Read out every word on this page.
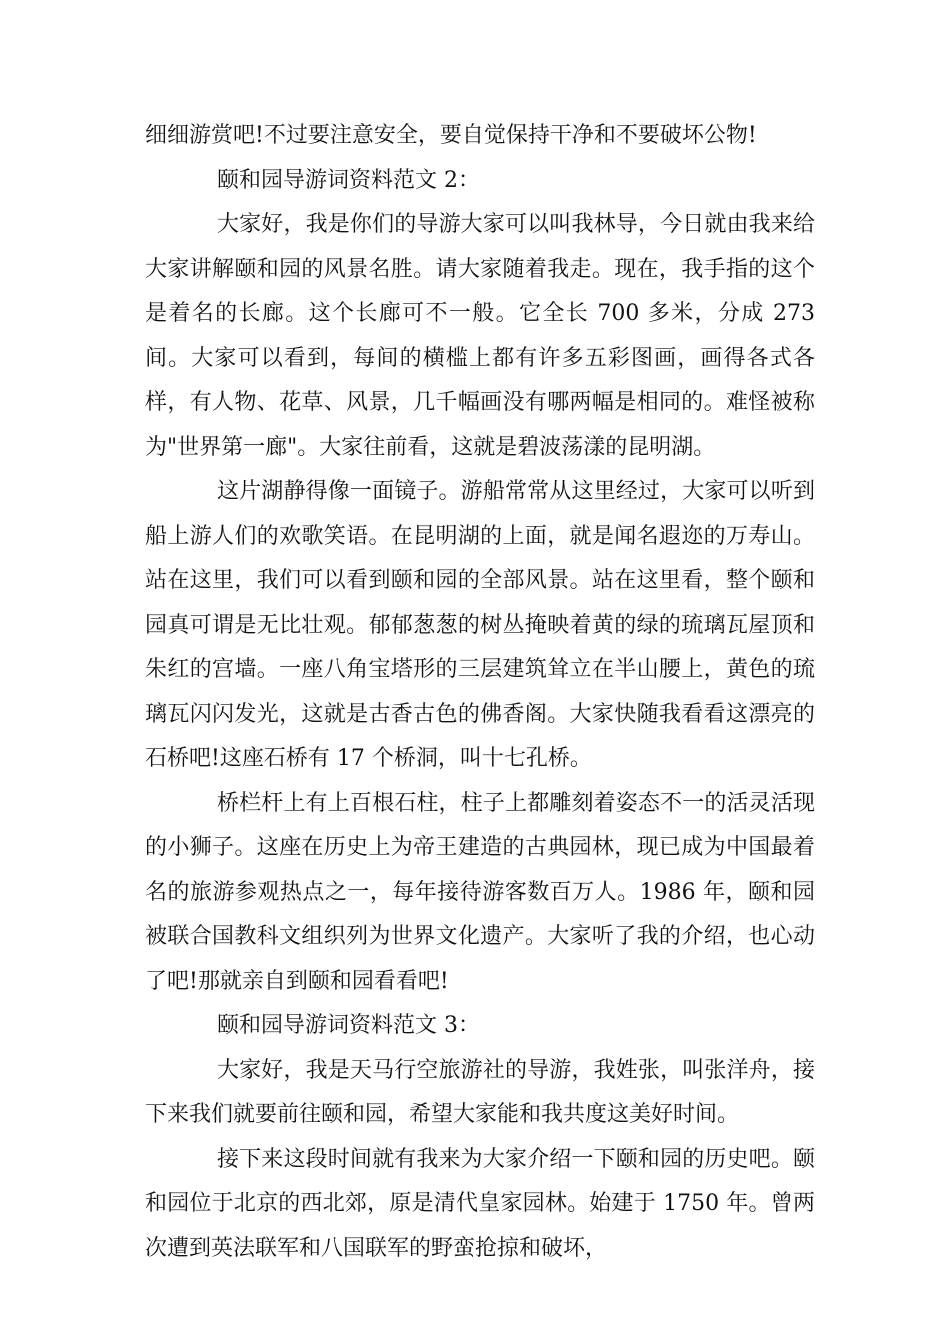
细细游赏吧!不过要注意安全，要自觉保持干净和不要破坏公物!

颐和园导游词资料范文 2：

大家好，我是你们的导游大家可以叫我林导，今日就由我来给大家讲解颐和园的风景名胜。请大家随着我走。现在，我手指的这个是着名的长廊。这个长廊可不一般。它全长 700 多米，分成 273 间。大家可以看到，每间的横槛上都有许多五彩图画，画得各式各样，有人物、花草、风景，几千幅画没有哪两幅是相同的。难怪被称为"世界第一廊"。大家往前看，这就是碧波荡漾的昆明湖。

这片湖静得像一面镜子。游船常常从这里经过，大家可以听到船上游人们的欢歌笑语。在昆明湖的上面，就是闻名遐迩的万寿山。站在这里，我们可以看到颐和园的全部风景。站在这里看，整个颐和园真可谓是无比壮观。郁郁葱葱的树丛掩映着黄的绿的琉璃瓦屋顶和朱红的宫墙。一座八角宝塔形的三层建筑耸立在半山腰上，黄色的琉璃瓦闪闪发光，这就是古香古色的佛香阁。大家快随我看看这漂亮的石桥吧!这座石桥有 17 个桥洞，叫十七孔桥。

桥栏杆上有上百根石柱，柱子上都雕刻着姿态不一的活灵活现的小狮子。这座在历史上为帝王建造的古典园林，现已成为中国最着名的旅游参观热点之一，每年接待游客数百万人。1986 年，颐和园被联合国教科文组织列为世界文化遗产。大家听了我的介绍，也心动了吧!那就亲自到颐和园看看吧!

颐和园导游词资料范文 3：

大家好，我是天马行空旅游社的导游，我姓张，叫张洋舟，接下来我们就要前往颐和园，希望大家能和我共度这美好时间。

接下来这段时间就有我来为大家介绍一下颐和园的历史吧。颐和园位于北京的西北郊，原是清代皇家园林。始建于 1750 年。曾两次遭到英法联军和八国联军的野蛮抢掠和破坏，
